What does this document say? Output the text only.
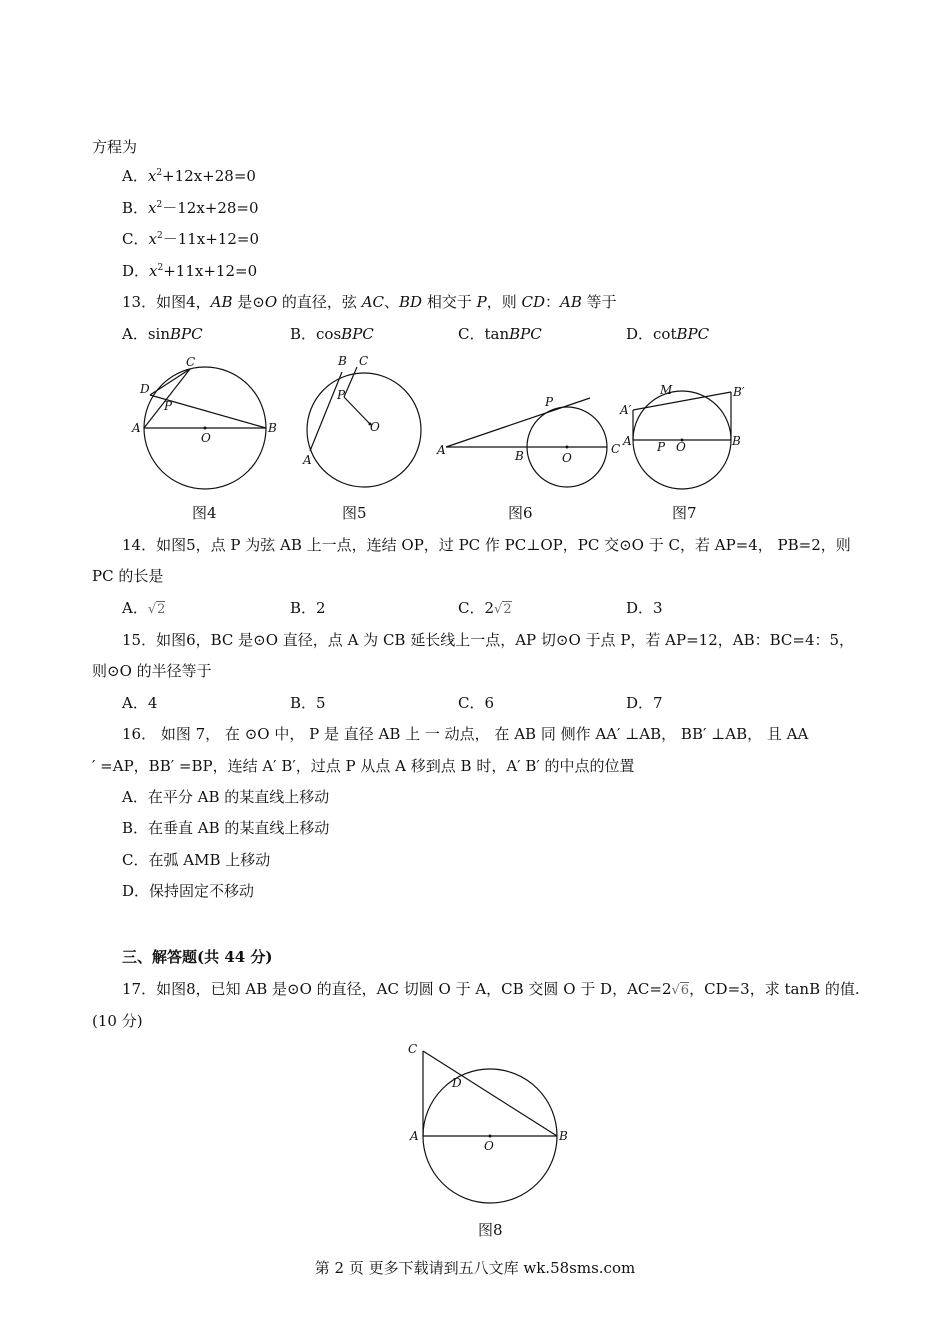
方程为
A．$x^2+12x+28=0$
B．$x^2-12x+28=0$
C．$x^2-11x+12=0$
D．$x^2+11x+12=0$
13．如图4，AB 是⊙O 的直径，弦 AC、BD 相交于 P，则 CD：AB 等于
A．sinBPC	B．cosBPC	C．tanBPC	D．cotBPC
C
D
P
A
O
B
图4
B C
P
O
A
图5
P
A	B	O
C
图6
M	B′
A′
A P O	B
图7
14．如图5，点 P 为弦 AB 上一点，连结 OP，过 PC 作 PC⊥OP，PC 交⊙O 于 C，若 AP=4， PB=2，则
PC 的长是
A．√2	B．2	C．2√2	D．3
15．如图6，BC 是⊙O 直径，点 A 为 CB 延长线上一点，AP 切⊙O 于点 P，若 AP=12，AB：BC=4：5，
则⊙O 的半径等于
A．4	B．5	C．6	D．7
16． 如图 7， 在 ⊙O 中， P 是 直径 AB 上 一 动点， 在 AB 同 侧作 AA′ ⊥AB， BB′ ⊥AB， 且 AA
′ =AP，BB′ =BP，连结 A′ B′，过点 P 从点 A 移到点 B 时，A′ B′ 的中点的位置
A．在平分 AB 的某直线上移动
B．在垂直 AB 的某直线上移动
C．在弧 AMB 上移动
D．保持固定不移动
三、解答题(共 44 分)
17．如图8，已知 AB 是⊙O 的直径，AC 切圆 O 于 A，CB 交圆 O 于 D，AC=2√6，CD=3，求 tanB 的值.
(10 分)
C
D
A
O
B
图8
第 2 页 更多下载请到五八文库 wk.58sms.com
